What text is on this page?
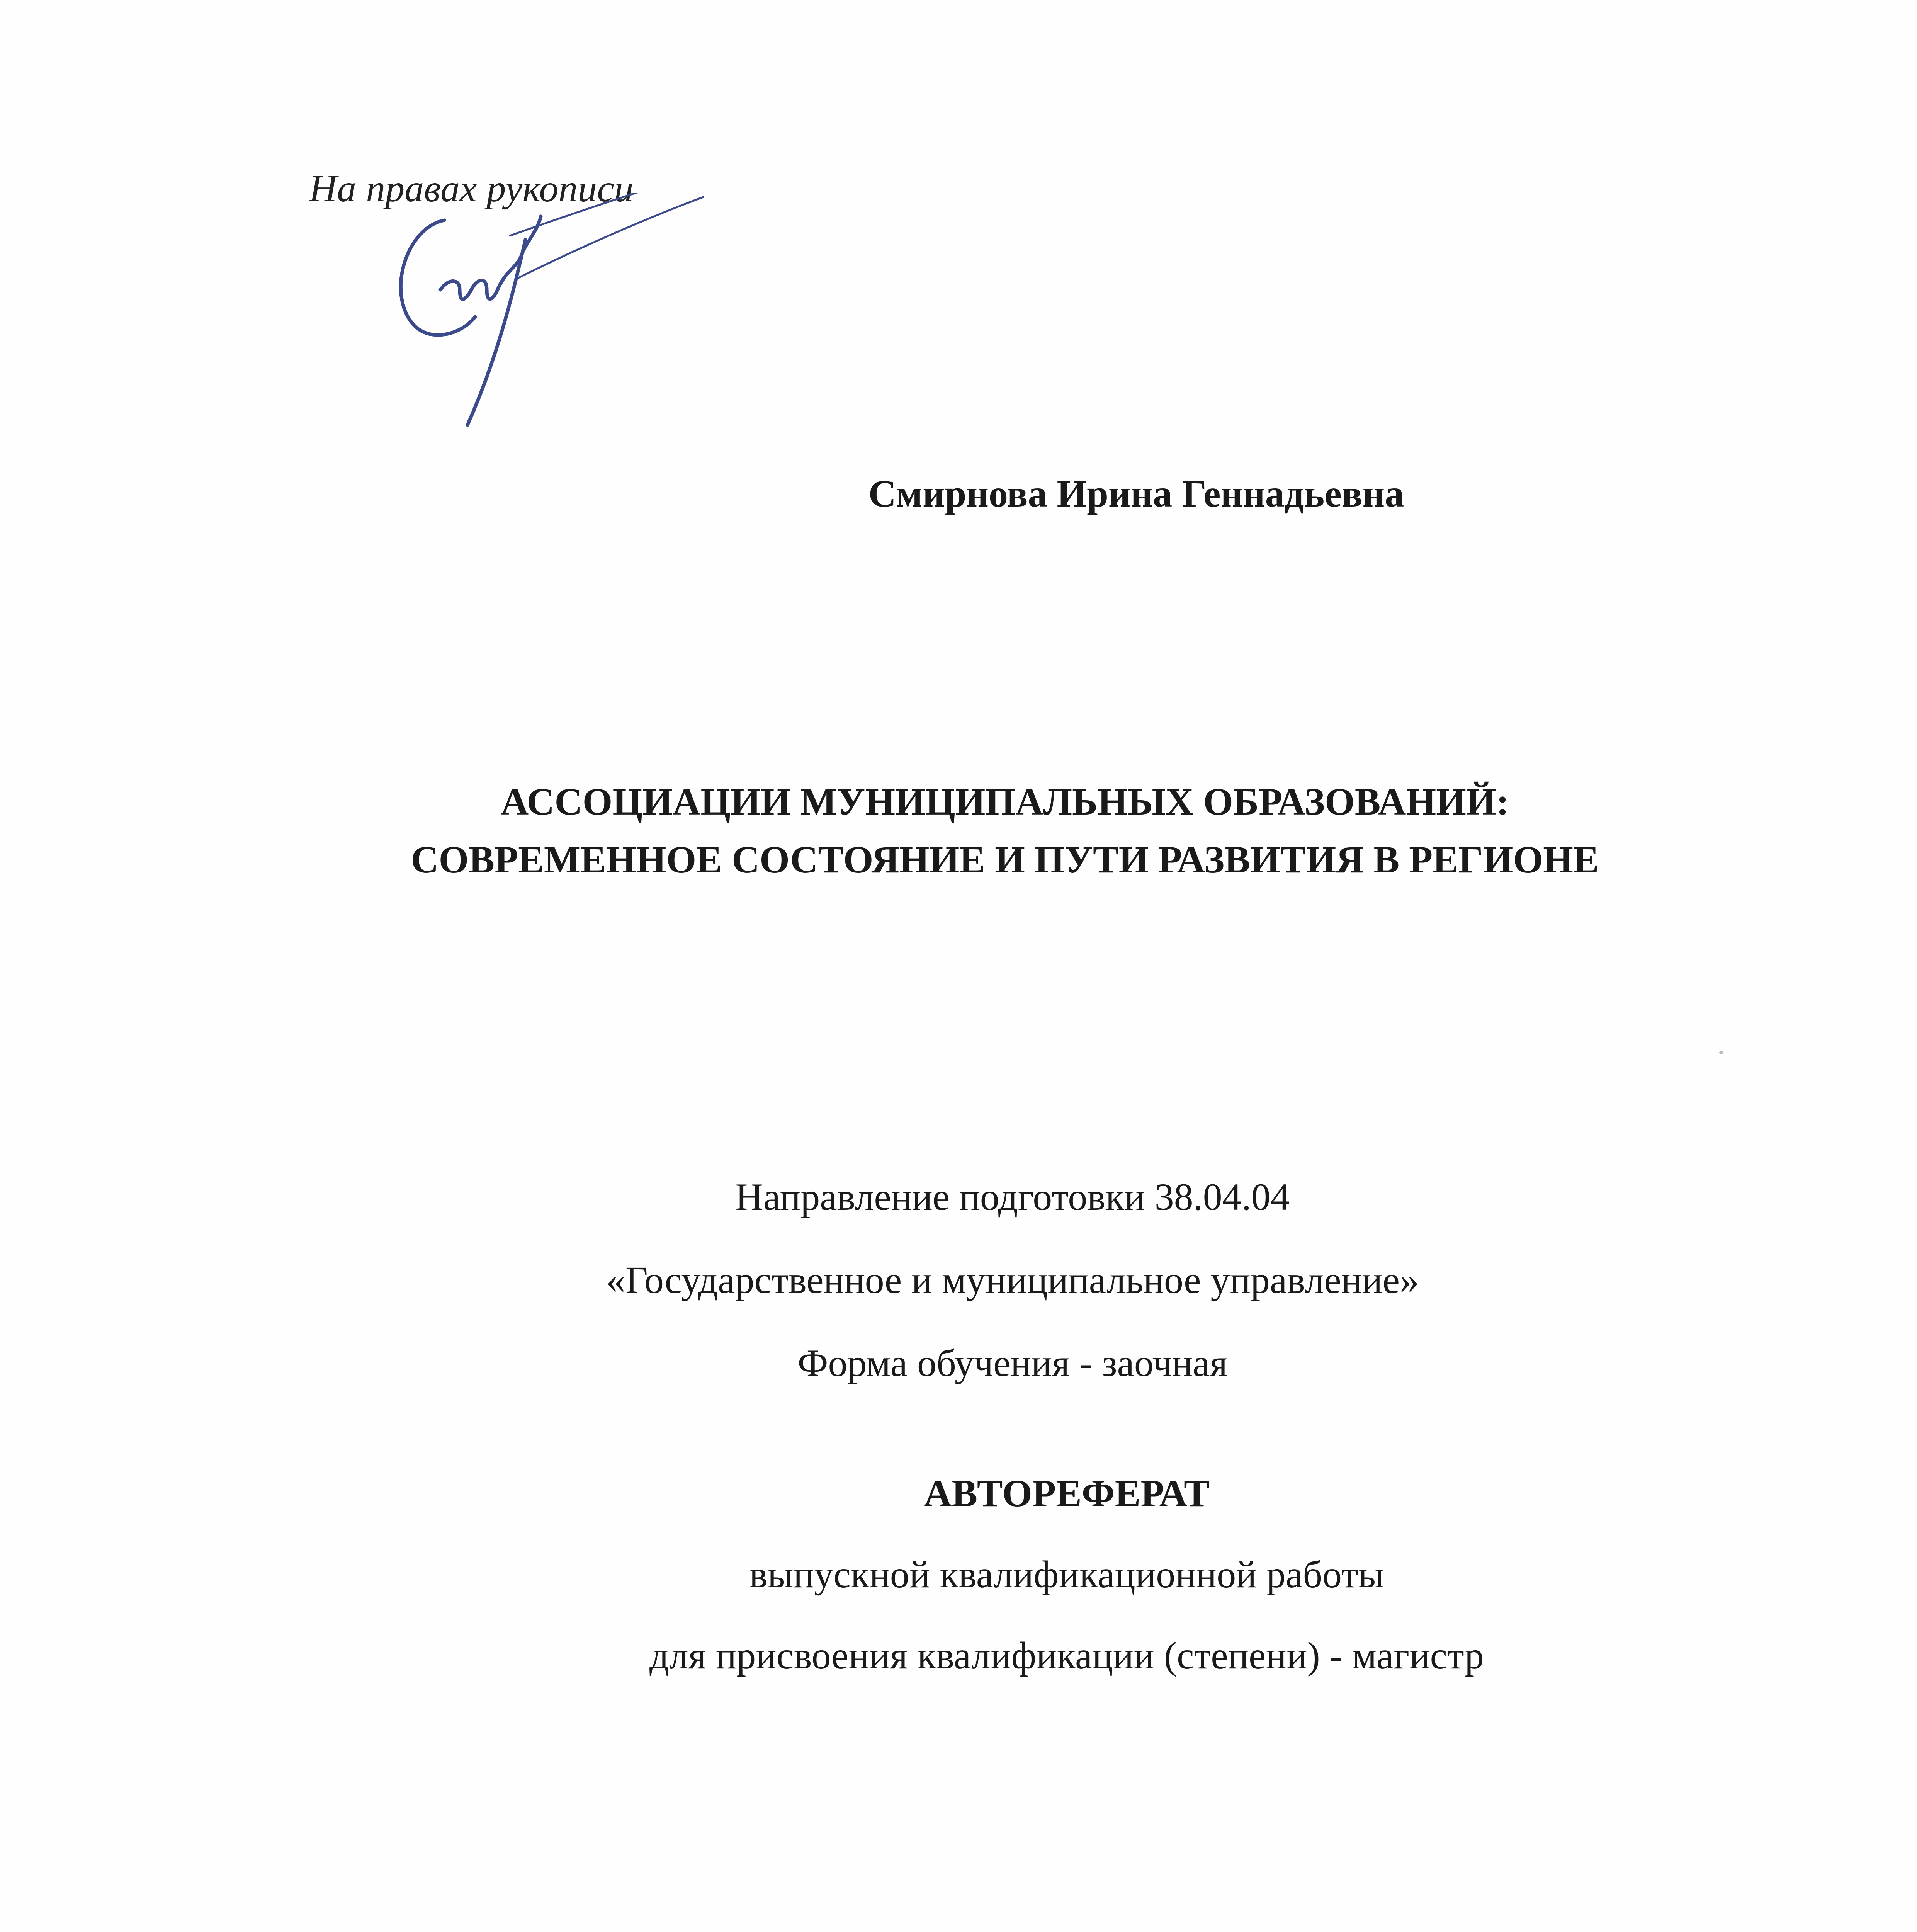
На правах рукописи
Смирнова Ирина Геннадьевна
АССОЦИАЦИИ МУНИЦИПАЛЬНЫХ ОБРАЗОВАНИЙ:
СОВРЕМЕННОЕ СОСТОЯНИЕ И ПУТИ РАЗВИТИЯ В РЕГИОНЕ
Направление подготовки 38.04.04
«Государственное и муниципальное управление»
Форма обучения - заочная
АВТОРЕФЕРАТ
выпускной квалификационной работы
для присвоения квалификации (степени) - магистр
